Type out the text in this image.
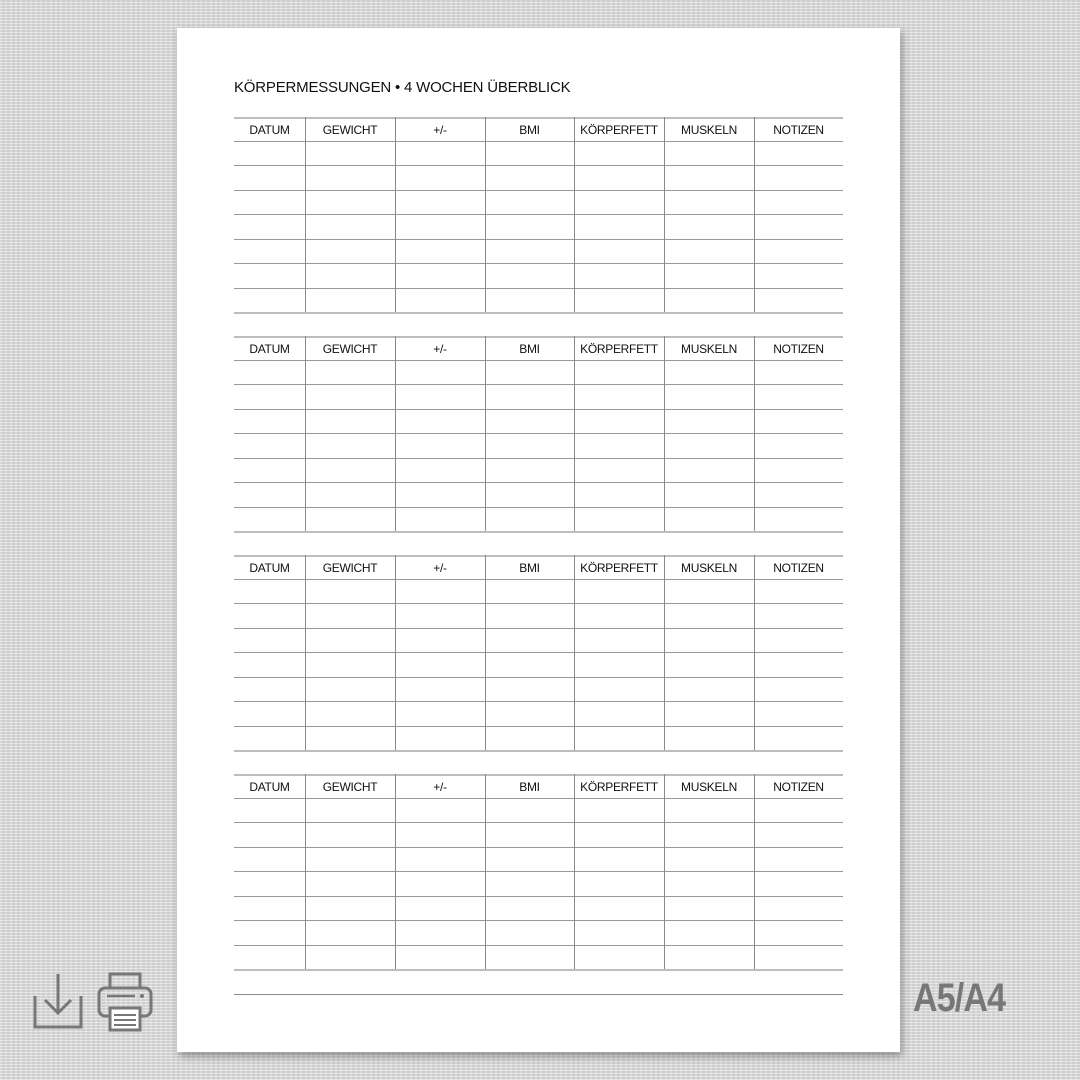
KÖRPERMESSUNGEN • 4 WOCHEN ÜBERBLICK
DATUM	GEWICHT	+/-	BMI	KÖRPERFETT	MUSKELN	NOTIZEN
DATUM	GEWICHT	+/-	BMI	KÖRPERFETT	MUSKELN	NOTIZEN
DATUM	GEWICHT	+/-	BMI	KÖRPERFETT	MUSKELN	NOTIZEN
DATUM	GEWICHT	+/-	BMI	KÖRPERFETT	MUSKELN	NOTIZEN
A5/A4
